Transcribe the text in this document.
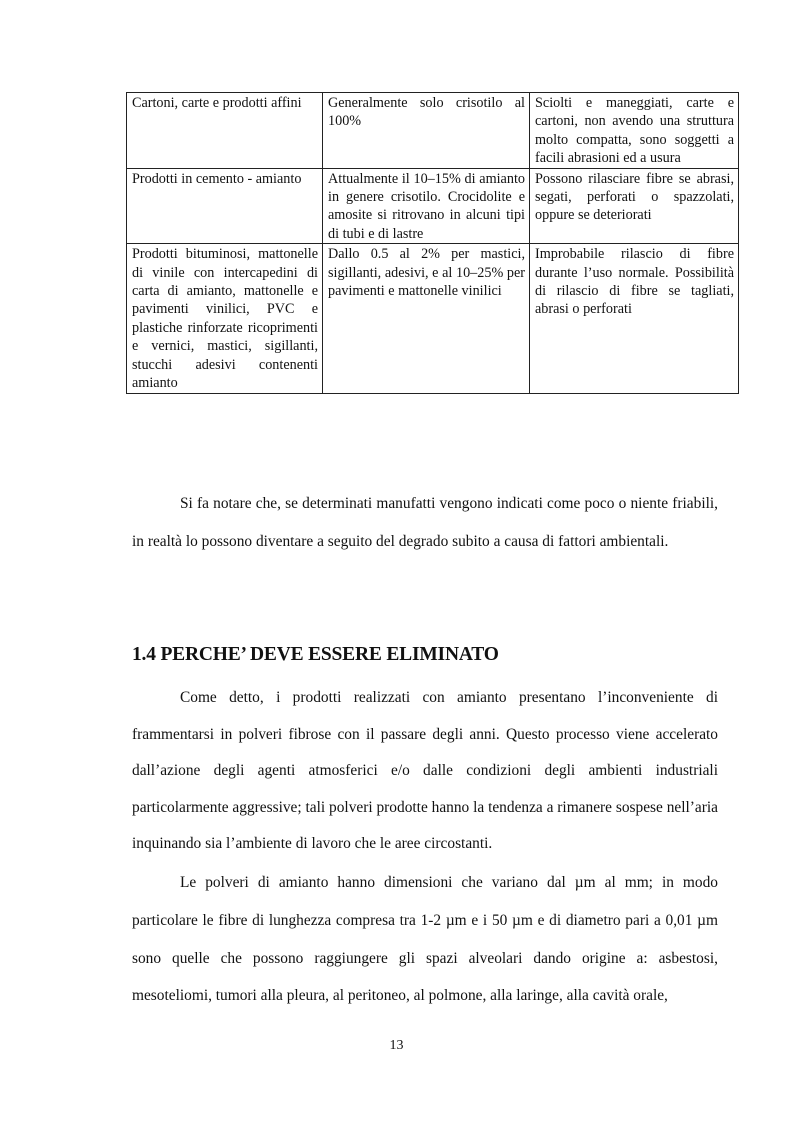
Cartoni, carte e prodotti affini	Generalmente solo crisotilo al 100%	Sciolti e maneggiati, carte e cartoni, non avendo una struttura molto compatta, sono soggetti a facili abrasioni ed a usura
Prodotti in cemento - amianto	Attualmente il 10–15% di amianto in genere crisotilo. Crocidolite e amosite si ritrovano in alcuni tipi di tubi e di lastre	Possono rilasciare fibre se abrasi, segati, perforati o spazzolati, oppure se deteriorati
Prodotti bituminosi, mattonelle di vinile con intercapedini di carta di amianto, mattonelle e pavimenti vinilici, PVC e plastiche rinforzate ricoprimenti e vernici, mastici, sigillanti, stucchi adesivi contenenti amianto	Dallo 0.5 al 2% per mastici, sigillanti, adesivi, e al 10–25% per pavimenti e mattonelle vinilici	Improbabile rilascio di fibre durante l’uso normale. Possibilità di rilascio di fibre se tagliati, abrasi o perforati

Si fa notare che, se determinati manufatti vengono indicati come poco o niente friabili, in realtà lo possono diventare a seguito del degrado subito a causa di fattori ambientali.

1.4 PERCHE’ DEVE ESSERE ELIMINATO

Come detto, i prodotti realizzati con amianto presentano l’inconveniente di frammentarsi in polveri fibrose con il passare degli anni. Questo processo viene accelerato dall’azione degli agenti atmosferici e/o dalle condizioni degli ambienti industriali particolarmente aggressive; tali polveri prodotte hanno la tendenza a rimanere sospese nell’aria inquinando sia l’ambiente di lavoro che le aree circostanti.

Le polveri di amianto hanno dimensioni che variano dal µm al mm; in modo particolare le fibre di lunghezza compresa tra 1-2 µm e i 50 µm e di diametro pari a 0,01 µm sono quelle che possono raggiungere gli spazi alveolari dando origine a: asbestosi, mesoteliomi, tumori alla pleura, al peritoneo, al polmone, alla laringe, alla cavità orale,

13
